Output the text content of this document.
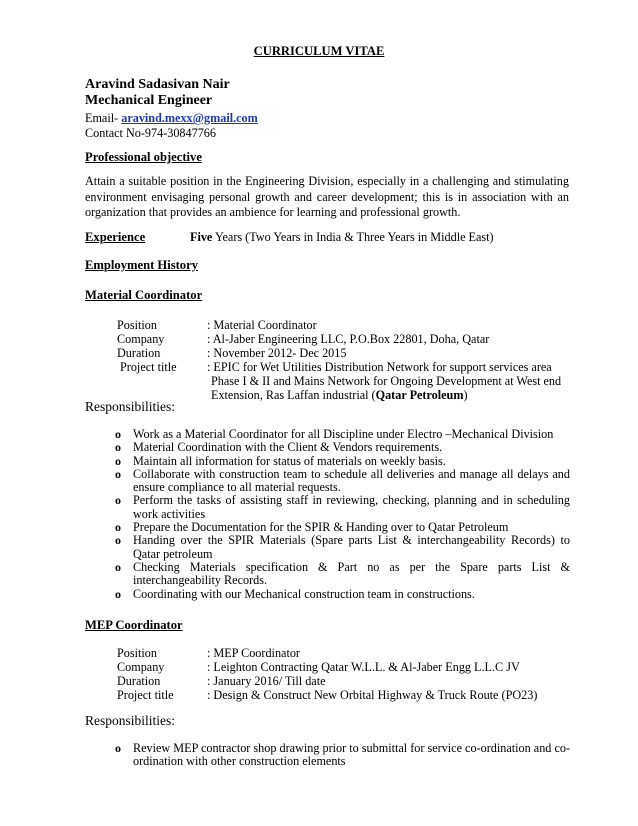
CURRICULUM VITAE
Aravind Sadasivan Nair
Mechanical Engineer
Email- aravind.mexx@gmail.com
Contact No-974-30847766
Professional objective
Attain a suitable position in the Engineering Division, especially in a challenging and stimulating environment envisaging personal growth and career development; this is in association with an organization that provides an ambience for learning and professional growth.
Experience	Five Years (Two Years in India & Three Years in Middle East)
Employment History
Material Coordinator
Position	: Material Coordinator
Company	: Al-Jaber Engineering LLC, P.O.Box 22801, Doha, Qatar
Duration	: November 2012- Dec 2015
Project title	: EPIC for Wet Utilities Distribution Network for support services area
Phase I & II and Mains Network for Ongoing Development at West end
Extension, Ras Laffan industrial (Qatar Petroleum)
Responsibilities:
o Work as a Material Coordinator for all Discipline under Electro –Mechanical Division
o Material Coordination with the Client & Vendors requirements.
o Maintain all information for status of materials on weekly basis.
o Collaborate with construction team to schedule all deliveries and manage all delays and ensure compliance to all material requests.
o Perform the tasks of assisting staff in reviewing, checking, planning and in scheduling work activities
o Prepare the Documentation for the SPIR & Handing over to Qatar Petroleum
o Handing over the SPIR Materials (Spare parts List & interchangeability Records) to Qatar petroleum
o Checking Materials specification & Part no as per the Spare parts List & interchangeability Records.
o Coordinating with our Mechanical construction team in constructions.
MEP Coordinator
Position	: MEP Coordinator
Company	: Leighton Contracting Qatar W.L.L. & Al-Jaber Engg L.L.C JV
Duration	: January 2016/ Till date
Project title	: Design & Construct New Orbital Highway & Truck Route (PO23)
Responsibilities:
o Review MEP contractor shop drawing prior to submittal for service co-ordination and co-ordination with other construction elements
